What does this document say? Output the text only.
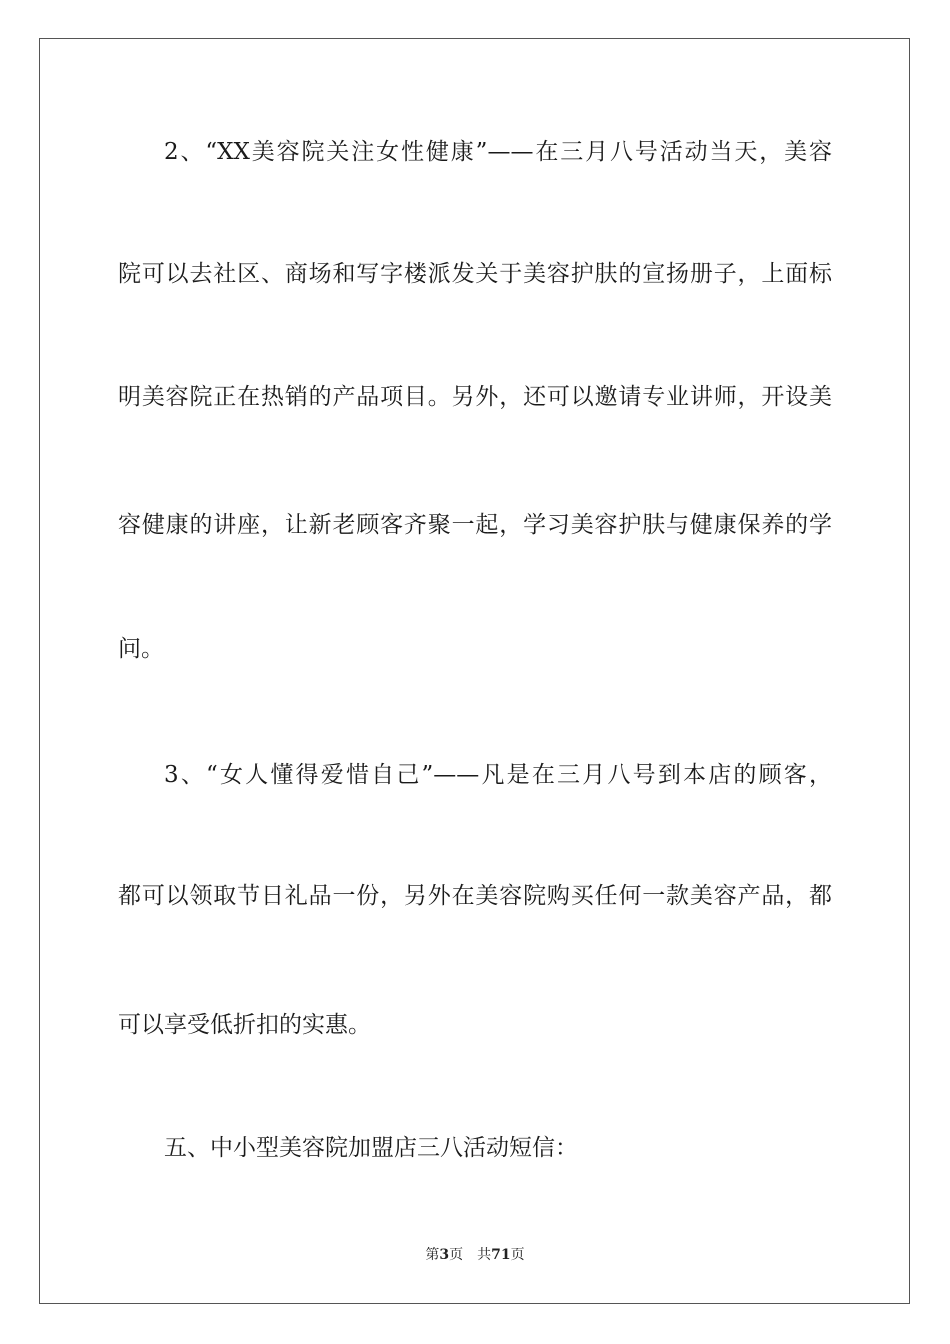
2、“XX美容院关注女性健康”——在三月八号活动当天，美容
院可以去社区、商场和写字楼派发关于美容护肤的宣扬册子，上面标
明美容院正在热销的产品项目。另外，还可以邀请专业讲师，开设美
容健康的讲座，让新老顾客齐聚一起，学习美容护肤与健康保养的学
问。
3、“女人懂得爱惜自己”——凡是在三月八号到本店的顾客，
都可以领取节日礼品一份，另外在美容院购买任何一款美容产品，都
可以享受低折扣的实惠。
五、中小型美容院加盟店三八活动短信：
第3页 共71页
